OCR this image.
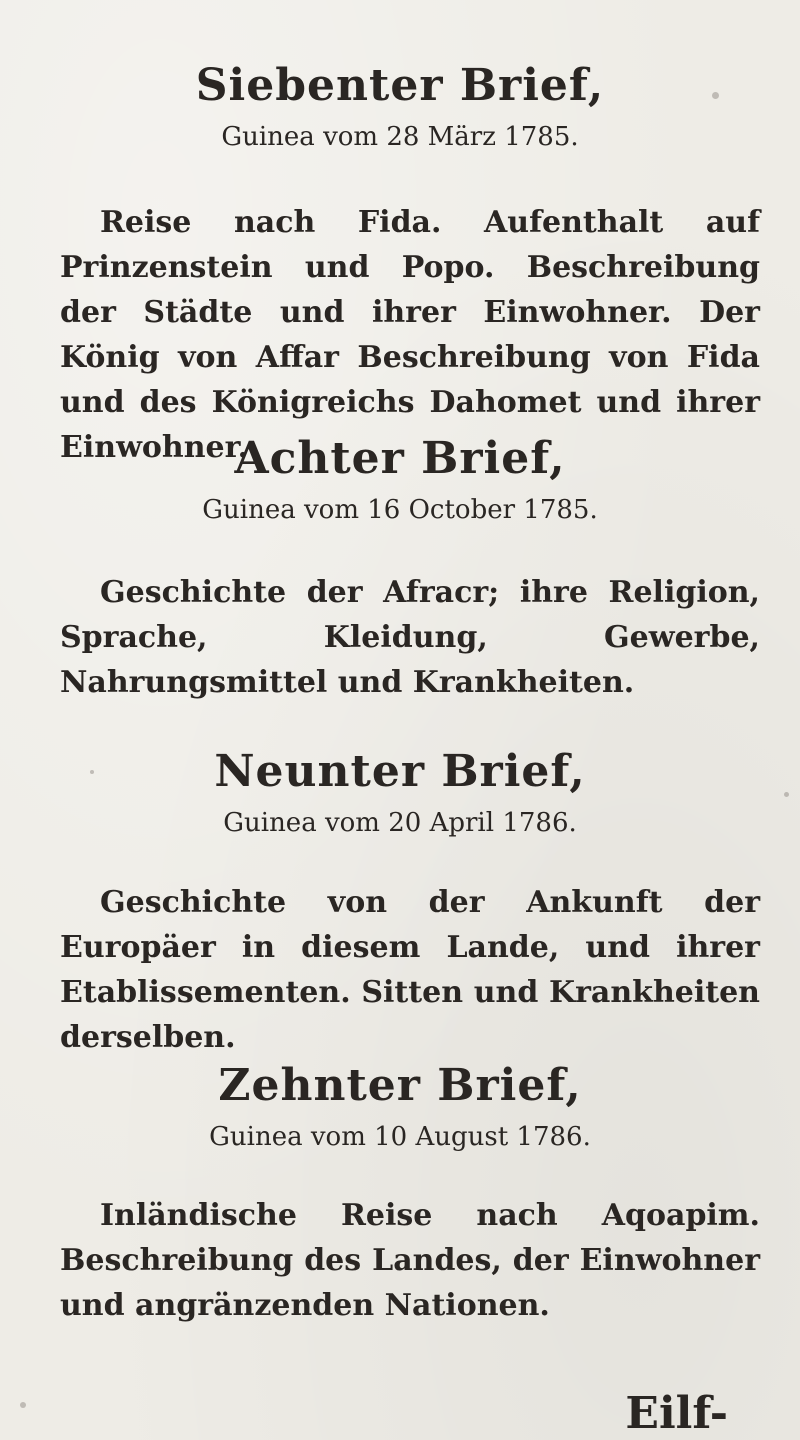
Siebenter Brief,

Guinea vom 28 März 1785.

Reise nach Fida. Aufenthalt auf Prinzenstein und Popo. Beschreibung der Städte und ihrer Einwohner. Der König von Affar Beschreibung von Fida und des Königreichs Dahomet und ihrer Einwohner.

Achter Brief,

Guinea vom 16 October 1785.

Geschichte der Afracr; ihre Religion, Sprache, Kleidung, Gewerbe, Nahrungsmittel und Krankheiten.

Neunter Brief,

Guinea vom 20 April 1786.

Geschichte von der Ankunft der Europäer in diesem Lande, und ihrer Etablissementen. Sitten und Krankheiten derselben.

Zehnter Brief,

Guinea vom 10 August 1786.

Inländische Reise nach Aqoapim. Beschreibung des Landes, der Einwohner und angränzenden Nationen.

Eilf-
